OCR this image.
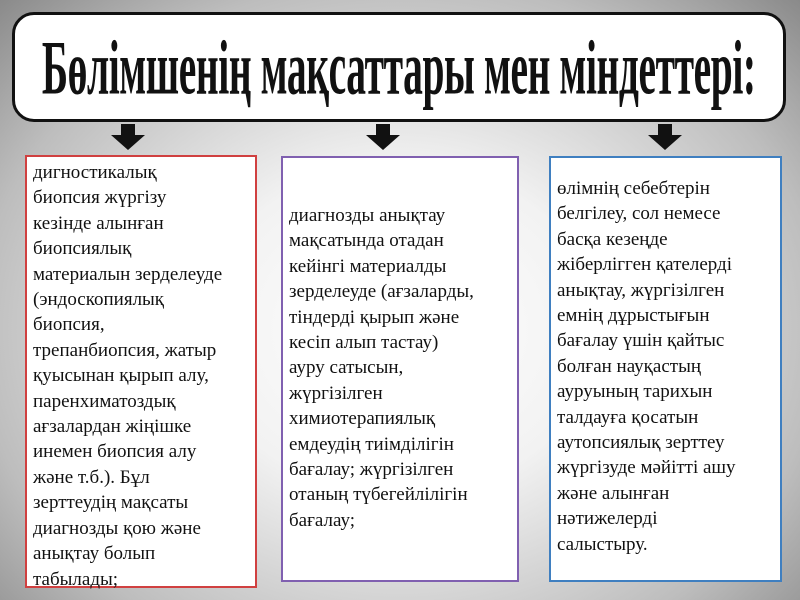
Бөлімшенің мақсаттары мен міндеттері:
дигностикалық
биопсия жүргізу
кезінде алынған
биопсиялық
материалын зерделеуде
(эндоскопиялық
биопсия,
трепанбиопсия, жатыр
қуысынан қырып алу,
паренхиматоздық
ағзалардан жіңішке
инемен биопсия алу
және т.б.). Бұл
зерттеудің мақсаты
диагнозды қою және
анықтау болып
табылады;
диагнозды анықтау
мақсатында отадан
кейінгі материалды
зерделеуде (ағзаларды,
тіндерді қырып және
кесіп алып тастау)
ауру сатысын,
жүргізілген
химиотерапиялық
емдеудің тиімділігін
бағалау; жүргізілген
отаның түбегейлілігін
бағалау;
өлімнің себебтерін
белгілеу, сол немесе
басқа кезеңде
жіберлігген қателерді
анықтау, жүргізілген
емнің дұрыстығын
бағалау үшін қайтыс
болған науқастың
ауруының тарихын
талдауға қосатын
аутопсиялық зерттеу
жүргізуде мәйітті ашу
және алынған
нәтижелерді
салыстыру.
